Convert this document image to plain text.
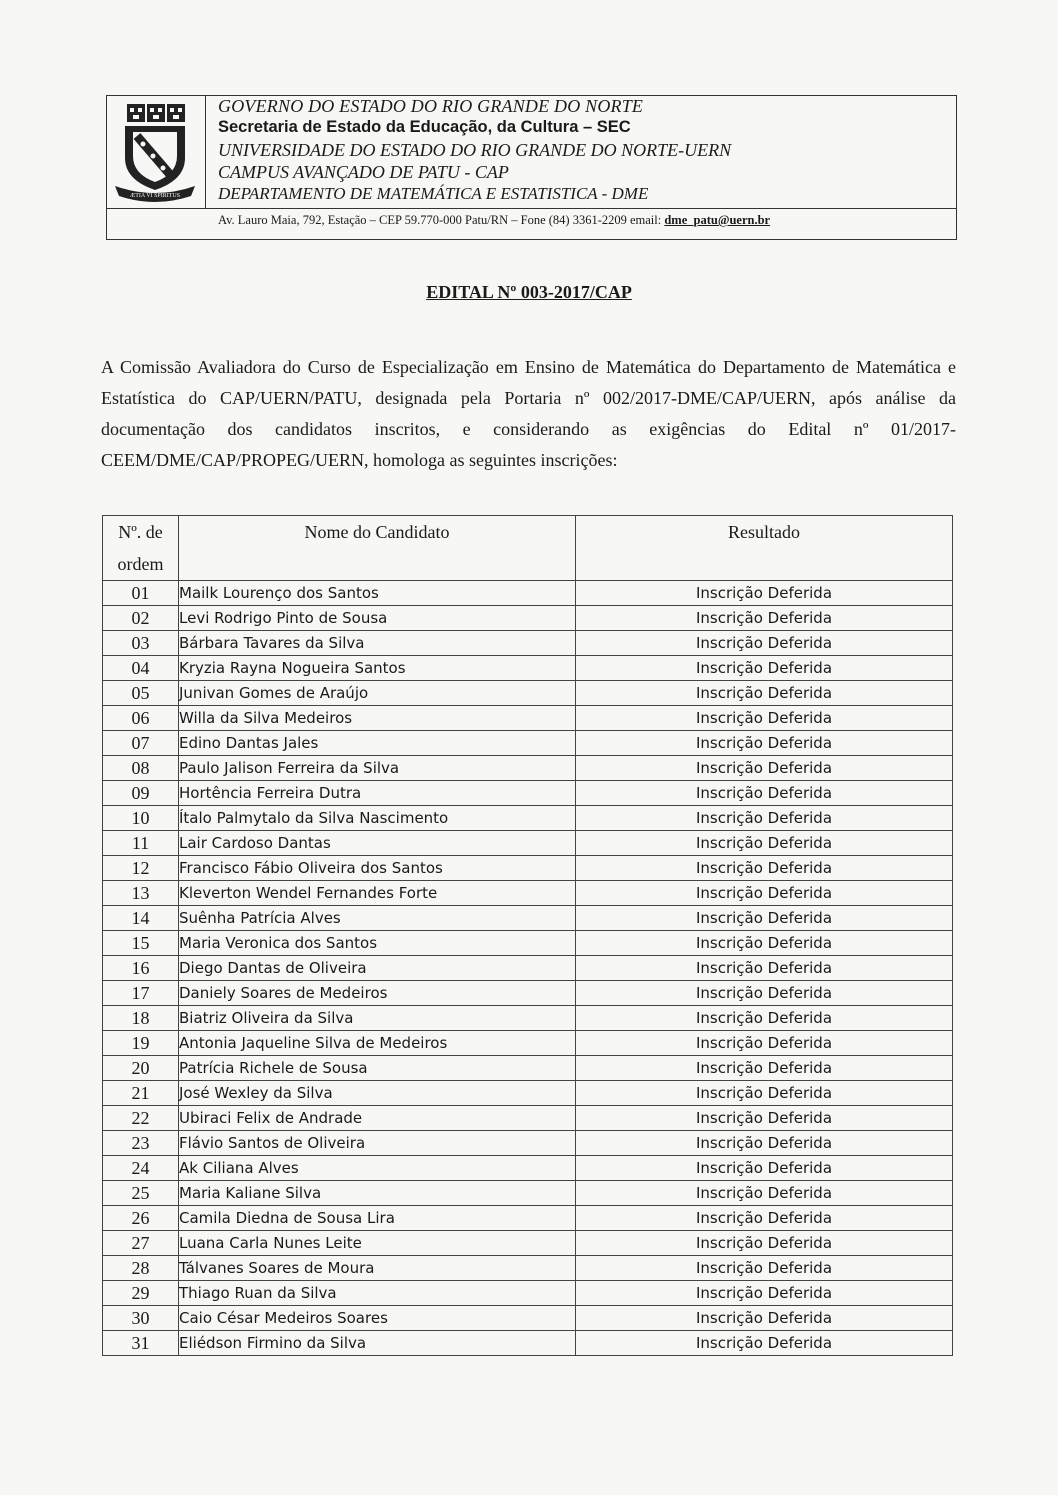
ÆTIA VI SPIRITUS
GOVERNO DO ESTADO DO RIO GRANDE DO NORTE
Secretaria de Estado da Educação, da Cultura – SEC
UNIVERSIDADE DO ESTADO DO RIO GRANDE DO NORTE-UERN
CAMPUS AVANÇADO DE PATU - CAP
DEPARTAMENTO DE MATEMÁTICA E ESTATISTICA - DME
Av. Lauro Maia, 792, Estação – CEP 59.770-000 Patu/RN – Fone (84) 3361-2209 email: dme_patu@uern.br
EDITAL Nº 003-2017/CAP

A Comissão Avaliadora do Curso de Especialização em Ensino de Matemática do Departamento de Matemática e Estatística do CAP/UERN/PATU, designada pela Portaria nº 002/2017-DME/CAP/UERN, após análise da documentação dos candidatos inscritos, e considerando as exigências do Edital nº 01/2017-CEEM/DME/CAP/PROPEG/UERN, homologa as seguintes inscrições:

Nº. de ordem	Nome do Candidato	Resultado
01	Mailk Lourenço dos Santos	Inscrição Deferida
02	Levi Rodrigo Pinto de Sousa	Inscrição Deferida
03	Bárbara Tavares da Silva	Inscrição Deferida
04	Kryzia Rayna Nogueira Santos	Inscrição Deferida
05	Junivan Gomes de Araújo	Inscrição Deferida
06	Willa da Silva Medeiros	Inscrição Deferida
07	Edino Dantas Jales	Inscrição Deferida
08	Paulo Jalison Ferreira da Silva	Inscrição Deferida
09	Hortência Ferreira Dutra	Inscrição Deferida
10	Ítalo Palmytalo da Silva Nascimento	Inscrição Deferida
11	Lair Cardoso Dantas	Inscrição Deferida
12	Francisco Fábio Oliveira dos Santos	Inscrição Deferida
13	Kleverton Wendel Fernandes Forte	Inscrição Deferida
14	Suênha Patrícia Alves	Inscrição Deferida
15	Maria Veronica dos Santos	Inscrição Deferida
16	Diego Dantas de Oliveira	Inscrição Deferida
17	Daniely Soares de Medeiros	Inscrição Deferida
18	Biatriz Oliveira da Silva	Inscrição Deferida
19	Antonia Jaqueline Silva de Medeiros	Inscrição Deferida
20	Patrícia Richele de Sousa	Inscrição Deferida
21	José Wexley da Silva	Inscrição Deferida
22	Ubiraci Felix de Andrade	Inscrição Deferida
23	Flávio Santos de Oliveira	Inscrição Deferida
24	Ak Ciliana Alves	Inscrição Deferida
25	Maria Kaliane Silva	Inscrição Deferida
26	Camila Diedna de Sousa Lira	Inscrição Deferida
27	Luana Carla Nunes Leite	Inscrição Deferida
28	Tálvanes Soares de Moura	Inscrição Deferida
29	Thiago Ruan da Silva	Inscrição Deferida
30	Caio César Medeiros Soares	Inscrição Deferida
31	Eliédson Firmino da Silva	Inscrição Deferida
